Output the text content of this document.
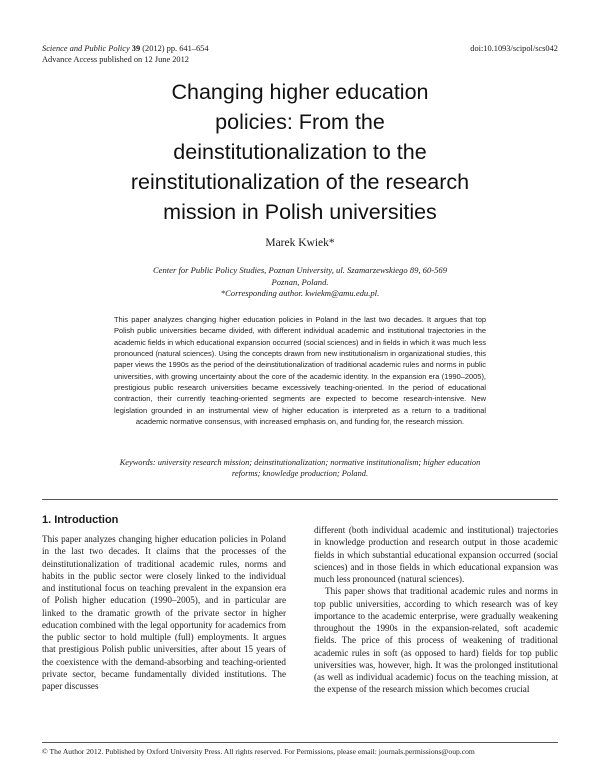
Science and Public Policy 39 (2012) pp. 641–654
Advance Access published on 12 June 2012
doi:10.1093/scipol/scs042
Changing higher education
policies: From the
deinstitutionalization to the
reinstitutionalization of the research
mission in Polish universities
Marek Kwiek*
Center for Public Policy Studies, Poznan University, ul. Szamarzewskiego 89, 60-569
Poznan, Poland.
*Corresponding author. kwiekm@amu.edu.pl.
This paper analyzes changing higher education policies in Poland in the last two decades. It argues that top Polish public universities became divided, with different individual academic and institutional trajectories in the academic fields in which educational expansion occurred (social sciences) and in fields in which it was much less pronounced (natural sciences). Using the concepts drawn from new institutionalism in organizational studies, this paper views the 1990s as the period of the deinstitutionalization of traditional academic rules and norms in public universities, with growing uncertainty about the core of the academic identity. In the expansion era (1990–2005), prestigious public research universities became excessively teaching-oriented. In the period of educational contraction, their currently teaching-oriented segments are expected to become research-intensive. New legislation grounded in an instrumental view of higher education is interpreted as a return to a traditional academic normative consensus, with increased emphasis on, and funding for, the research mission.
Keywords: university research mission; deinstitutionalization; normative institutionalism; higher education reforms; knowledge production; Poland.
1. Introduction

This paper analyzes changing higher education policies in Poland in the last two decades. It claims that the processes of the deinstitutionalization of traditional academic rules, norms and habits in the public sector were closely linked to the individual and institutional focus on teaching prevalent in the expansion era of Polish higher education (1990–2005), and in particular are linked to the dramatic growth of the private sector in higher education combined with the legal opportunity for academics from the public sector to hold multiple (full) employments. It argues that prestigious Polish public universities, after about 15 years of the coexistence with the demand-absorbing and teaching-oriented private sector, became fundamentally divided institutions. The paper discusses

different (both individual academic and institutional) trajectories in knowledge production and research output in those academic fields in which substantial educational expansion occurred (social sciences) and in those fields in which educational expansion was much less pronounced (natural sciences).

This paper shows that traditional academic rules and norms in top public universities, according to which research was of key importance to the academic enterprise, were gradually weakening throughout the 1990s in the expansion-related, soft academic fields. The price of this process of weakening of traditional academic rules in soft (as opposed to hard) fields for top public universities was, however, high. It was the prolonged institutional (as well as individual academic) focus on the teaching mission, at the expense of the research mission which becomes crucial

© The Author 2012. Published by Oxford University Press. All rights reserved. For Permissions, please email: journals.permissions@oup.com
